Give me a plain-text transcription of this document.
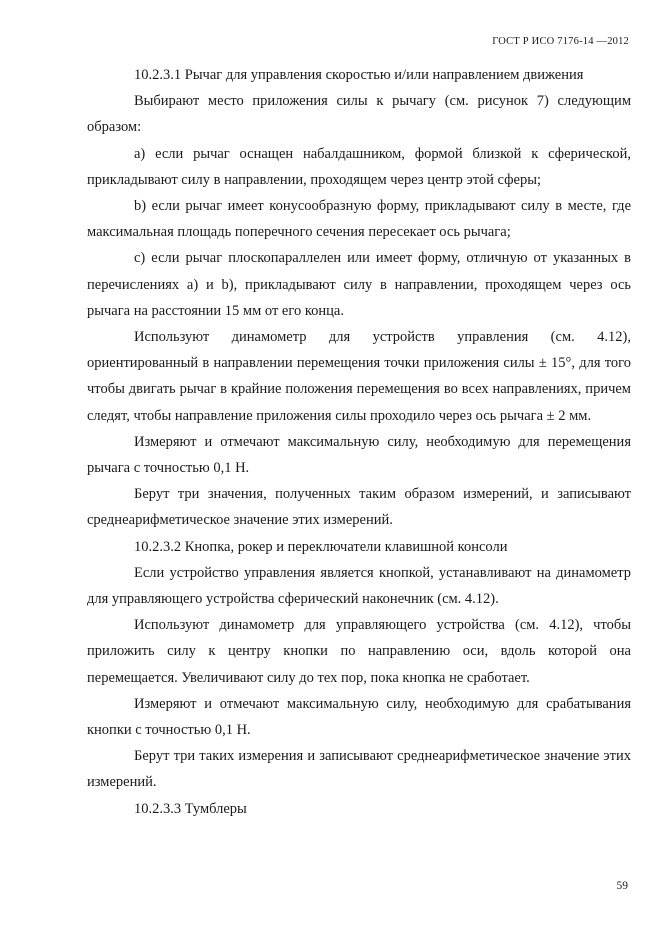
ГОСТ Р ИСО 7176-14 —2012

10.2.3.1 Рычаг для управления скоростью и/или направлением движения

Выбирают место приложения силы к рычагу (см. рисунок 7) следующим образом:

а) если рычаг оснащен набалдашником, формой близкой к сферической, прикладывают силу в направлении, проходящем через центр этой сферы;

b) если рычаг имеет конусообразную форму, прикладывают силу в месте, где максимальная площадь поперечного сечения пересекает ось рычага;

с) если рычаг плоскопараллелен или имеет форму, отличную от указанных в перечислениях а) и b), прикладывают силу в направлении, проходящем через ось рычага на расстоянии 15 мм от его конца.

Используют динамометр для устройств управления (см. 4.12), ориентированный в направлении перемещения точки приложения силы ± 15°, для того чтобы двигать рычаг в крайние положения перемещения во всех направлениях, причем следят, чтобы направление приложения силы проходило через ось рычага ± 2 мм.

Измеряют и отмечают максимальную силу, необходимую для перемещения рычага с точностью 0,1 Н.

Берут три значения, полученных таким образом измерений, и записывают среднеарифметическое значение этих измерений.

10.2.3.2 Кнопка, рокер и переключатели клавишной консоли

Если устройство управления является кнопкой, устанавливают на динамометр для управляющего устройства сферический наконечник (см. 4.12).

Используют динамометр для управляющего устройства (см. 4.12), чтобы приложить силу к центру кнопки по направлению оси, вдоль которой она перемещается. Увеличивают силу до тех пор, пока кнопка не сработает.

Измеряют и отмечают максимальную силу, необходимую для срабатывания кнопки с точностью 0,1 Н.

Берут три таких измерения и записывают среднеарифметическое значение этих измерений.

10.2.3.3 Тумблеры

59
